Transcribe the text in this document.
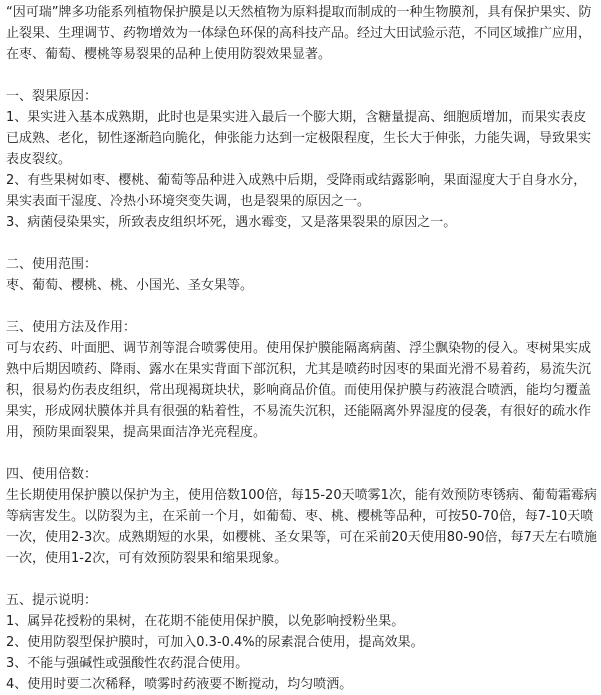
“因可瑞”牌多功能系列植物保护膜是以天然植物为原料提取而制成的一种生物膜剂，具有保护果实、防止裂果、生理调节、药物增效为一体绿色环保的高科技产品。经过大田试验示范，不同区域推广应用，在枣、葡萄、樱桃等易裂果的品种上使用防裂效果显著。

一、裂果原因：

1、果实进入基本成熟期，此时也是果实进入最后一个膨大期，含糖量提高、细胞质增加，而果实表皮已成熟、老化，韧性逐渐趋向脆化，伸张能力达到一定极限程度，生长大于伸张，力能失调，导致果实表皮裂纹。

2、有些果树如枣、樱桃、葡萄等品种进入成熟中后期，受降雨或结露影响，果面湿度大于自身水分，果实表面干湿度、冷热小环境突变失调，也是裂果的原因之一。

3、病菌侵染果实，所致表皮组织坏死，遇水霉变，又是落果裂果的原因之一。

二、使用范围：

枣、葡萄、樱桃、桃、小国光、圣女果等。

三、使用方法及作用：

可与农药、叶面肥、调节剂等混合喷雾使用。使用保护膜能隔离病菌、浮尘飘染物的侵入。枣树果实成熟中后期因喷药、降雨、露水在果实背面下部沉积，尤其是喷药时因枣的果面光滑不易着药，易流失沉积，很易灼伤表皮组织，常出现褐斑块状，影响商品价值。而使用保护膜与药液混合喷洒，能均匀覆盖果实，形成网状膜体并具有很强的粘着性，不易流失沉积，还能隔离外界湿度的侵袭，有很好的疏水作用，预防果面裂果，提高果面洁净光亮程度。

四、使用倍数：

生长期使用保护膜以保护为主，使用倍数100倍，每15-20天喷雾1次，能有效预防枣锈病、葡萄霜霉病等病害发生。以防裂为主，在采前一个月，如葡萄、枣、桃、樱桃等品种，可按50-70倍，每7-10天喷一次，使用2-3次。成熟期短的水果，如樱桃、圣女果等，可在采前20天使用80-90倍，每7天左右喷施一次，使用1-2次，可有效预防裂果和缩果现象。

五、提示说明：

1、属异花授粉的果树，在花期不能使用保护膜，以免影响授粉坐果。

2、使用防裂型保护膜时，可加入0.3-0.4%的尿素混合使用，提高效果。

3、不能与强碱性或强酸性农药混合使用。

4、使用时要二次稀释，喷雾时药液要不断搅动，均匀喷洒。
